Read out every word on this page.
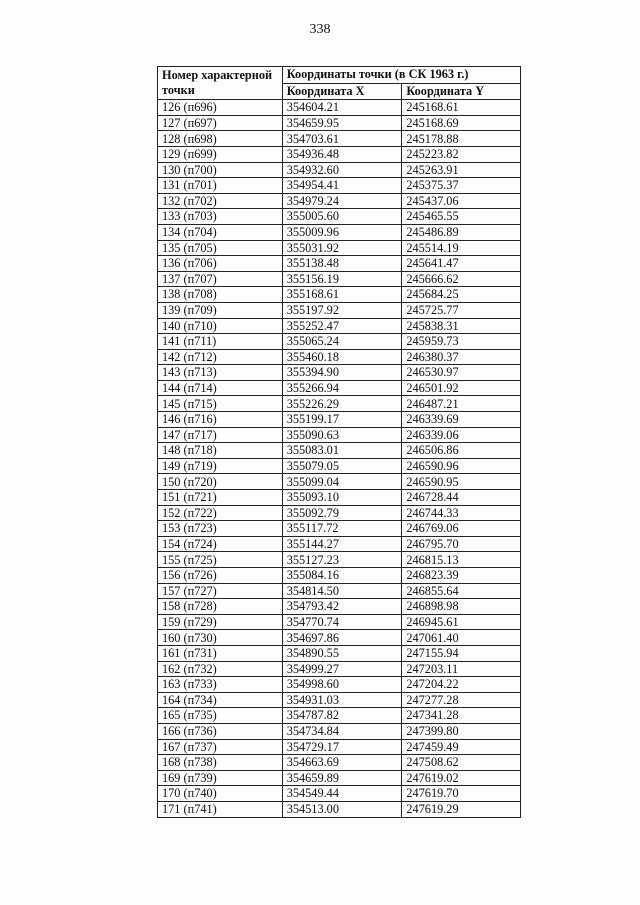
338
Номер характерной точки	Координаты точки (в СК 1963 г.)	
	Координата X	Координата Y
126 (п696)	354604.21	245168.61
127 (п697)	354659.95	245168.69
128 (п698)	354703.61	245178.88
129 (п699)	354936.48	245223.82
130 (п700)	354932.60	245263.91
131 (п701)	354954.41	245375.37
132 (п702)	354979.24	245437.06
133 (п703)	355005.60	245465.55
134 (п704)	355009.96	245486.89
135 (п705)	355031.92	245514.19
136 (п706)	355138.48	245641.47
137 (п707)	355156.19	245666.62
138 (п708)	355168.61	245684.25
139 (п709)	355197.92	245725.77
140 (п710)	355252.47	245838.31
141 (п711)	355065.24	245959.73
142 (п712)	355460.18	246380.37
143 (п713)	355394.90	246530.97
144 (п714)	355266.94	246501.92
145 (п715)	355226.29	246487.21
146 (п716)	355199.17	246339.69
147 (п717)	355090.63	246339.06
148 (п718)	355083.01	246506.86
149 (п719)	355079.05	246590.96
150 (п720)	355099.04	246590.95
151 (п721)	355093.10	246728.44
152 (п722)	355092.79	246744.33
153 (п723)	355117.72	246769.06
154 (п724)	355144.27	246795.70
155 (п725)	355127.23	246815.13
156 (п726)	355084.16	246823.39
157 (п727)	354814.50	246855.64
158 (п728)	354793.42	246898.98
159 (п729)	354770.74	246945.61
160 (п730)	354697.86	247061.40
161 (п731)	354890.55	247155.94
162 (п732)	354999.27	247203.11
163 (п733)	354998.60	247204.22
164 (п734)	354931.03	247277.28
165 (п735)	354787.82	247341.28
166 (п736)	354734.84	247399.80
167 (п737)	354729.17	247459.49
168 (п738)	354663.69	247508.62
169 (п739)	354659.89	247619.02
170 (п740)	354549.44	247619.70
171 (п741)	354513.00	247619.29
